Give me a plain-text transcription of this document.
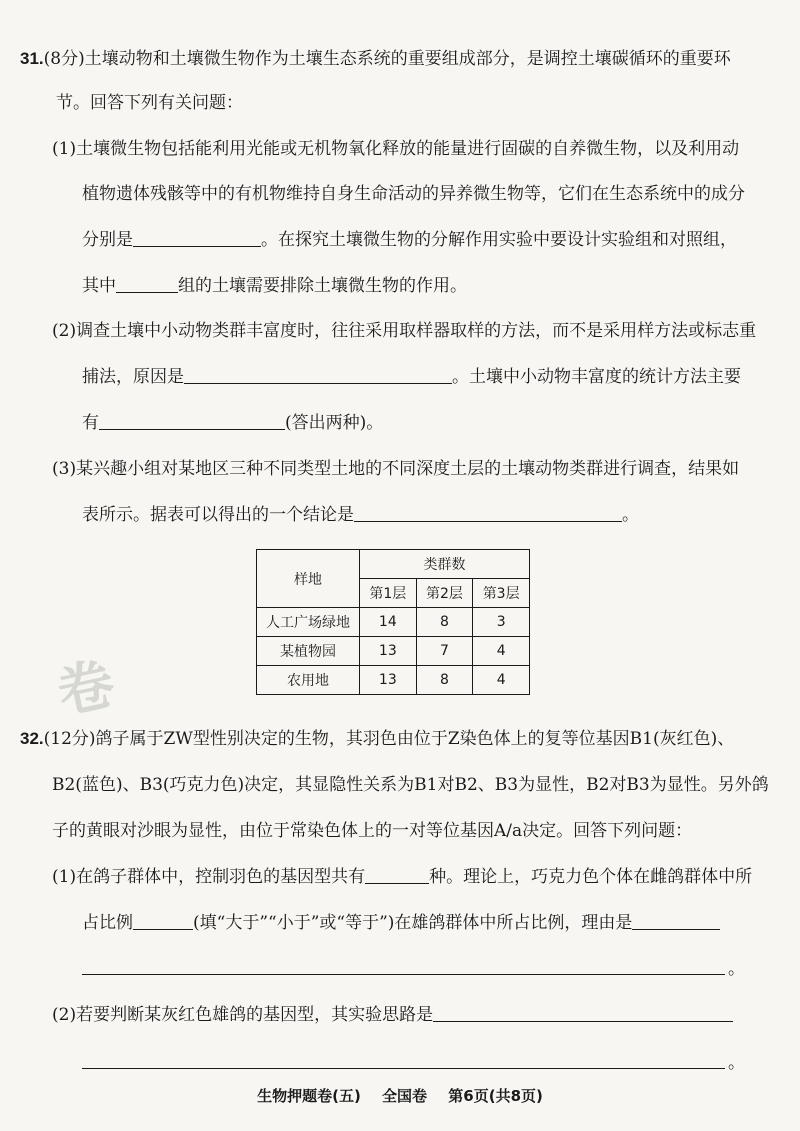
31.(8分)土壤动物和土壤微生物作为土壤生态系统的重要组成部分，是调控土壤碳循环的重要环
节。回答下列有关问题：
(1)土壤微生物包括能利用光能或无机物氧化释放的能量进行固碳的自养微生物，以及利用动
植物遗体残骸等中的有机物维持自身生命活动的异养微生物等，它们在生态系统中的成分
分别是	。在探究土壤微生物的分解作用实验中要设计实验组和对照组，
其中	组的土壤需要排除土壤微生物的作用。
(2)调查土壤中小动物类群丰富度时，往往采用取样器取样的方法，而不是采用样方法或标志重
捕法，原因是	。土壤中小动物丰富度的统计方法主要
有	(答出两种)。
(3)某兴趣小组对某地区三种不同类型土地的不同深度土层的土壤动物类群进行调查，结果如
表所示。据表可以得出的一个结论是	。
样地	类群数		
	第1层	第2层	第3层
人工广场绿地	14	8	3
某植物园	13	7	4
农用地	13	8	4
卷
32.(12分)鸽子属于ZW型性别决定的生物，其羽色由位于Z染色体上的复等位基因B1(灰红色)、
B2(蓝色)、B3(巧克力色)决定，其显隐性关系为B1对B2、B3为显性，B2对B3为显性。另外鸽
子的黄眼对沙眼为显性，由位于常染色体上的一对等位基因A/a决定。回答下列问题：
(1)在鸽子群体中，控制羽色的基因型共有	种。理论上，巧克力色个体在雌鸽群体中所
占比例	(填“大于”“小于”或“等于”)在雄鸽群体中所占比例，理由是
。
(2)若要判断某灰红色雄鸽的基因型，其实验思路是
。
生物押题卷(五) 全国卷 第6页(共8页)
